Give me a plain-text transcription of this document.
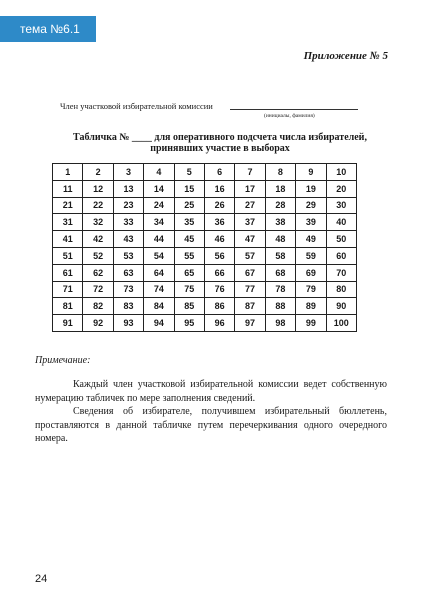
тема №6.1
Приложение № 5
Член участковой избирательной комиссии
(инициалы, фамилия)
Табличка № ____ для оперативного подсчета числа избирателей,
принявших участие в выборах
1	2	3	4	5	6	7	8	9	10
11	12	13	14	15	16	17	18	19	20
21	22	23	24	25	26	27	28	29	30
31	32	33	34	35	36	37	38	39	40
41	42	43	44	45	46	47	48	49	50
51	52	53	54	55	56	57	58	59	60
61	62	63	64	65	66	67	68	69	70
71	72	73	74	75	76	77	78	79	80
81	82	83	84	85	86	87	88	89	90
91	92	93	94	95	96	97	98	99	100
Примечание:

Каждый член участковой избирательной комиссии ведет собственную нумерацию табличек по мере заполнения сведений.

Сведения об избирателе, получившем избирательный бюллетень, проставляются в данной табличке путем перечеркивания одного очередного номера.

24
